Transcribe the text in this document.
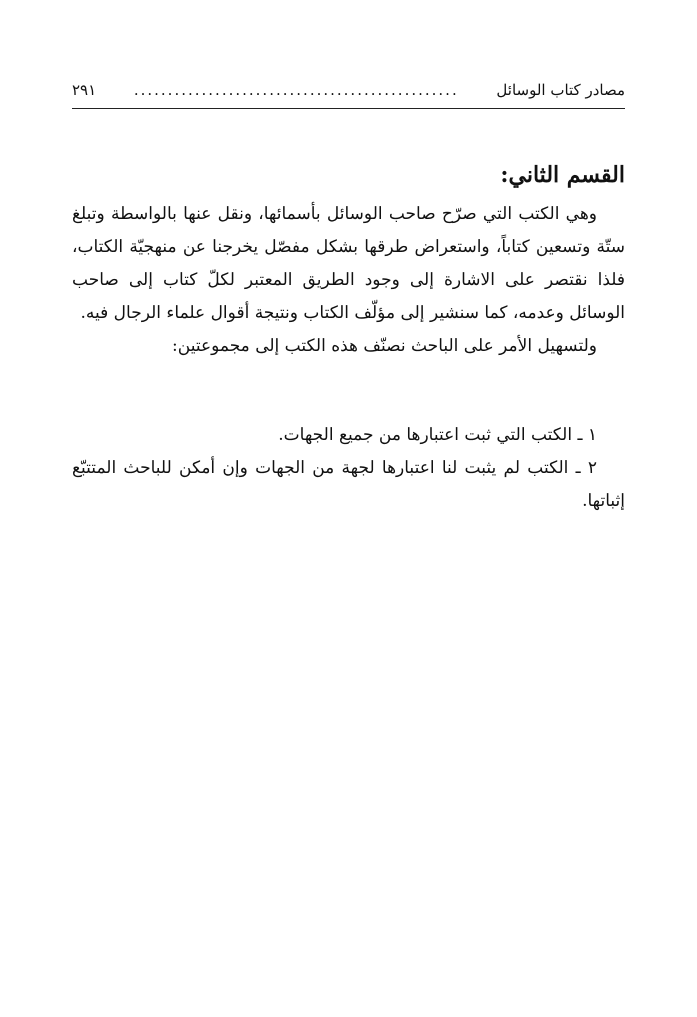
مصادر كتاب الوسائل
................................................
٢٩١
القسم الثاني:

وهي الكتب التي صرّح صاحب الوسائل بأسمائها، ونقل عنها بالواسطة وتبلغ ستّة وتسعين كتاباً، واستعراض طرقها بشكل مفصّل يخرجنا عن منهجيّة الكتاب، فلذا نقتصر على الاشارة إلى وجود الطريق المعتبر لكلّ كتاب إلى صاحب الوسائل وعدمه، كما سنشير إلى مؤلّف الكتاب ونتيجة أقوال علماء الرجال فيه.

ولتسهيل الأمر على الباحث نصنّف هذه الكتب إلى مجموعتين:

١ ـ الكتب التي ثبت اعتبارها من جميع الجهات.

٢ ـ الكتب لم يثبت لنا اعتبارها لجهة من الجهات وإن أمكن للباحث المتتبّع إثباتها.
